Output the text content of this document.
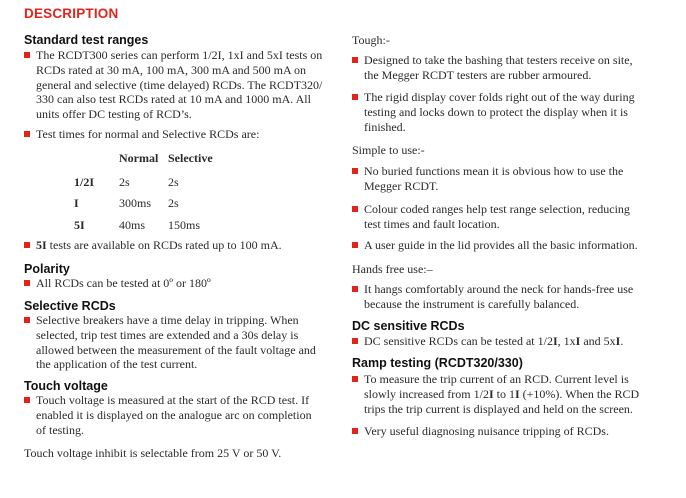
DESCRIPTION
Standard test ranges
The RCDT300 series can perform 1/2I, 1xI and 5xI tests on
RCDs rated at 30 mA, 100 mA, 300 mA and 500 mA on
general and selective (time delayed) RCDs. The RCDT320/
330 can also test RCDs rated at 10 mA and 1000 mA. All
units offer DC testing of RCD’s.
Test times for normal and Selective RCDs are:
Normal Selective
1/2I 2s	2s
I	300ms 2s
5I	40ms 150ms
5I tests are available on RCDs rated up to 100 mA.
Polarity
All RCDs can be tested at 0º or 180º
Selective RCDs
Selective breakers have a time delay in tripping. When
selected, trip test times are extended and a 30s delay is
allowed between the measurement of the fault voltage and
the application of the test current.
Touch voltage
Touch voltage is measured at the start of the RCD test. If
enabled it is displayed on the analogue arc on completion
of testing.
Touch voltage inhibit is selectable from 25 V or 50 V.
Tough:-
Designed to take the bashing that testers receive on site,
the Megger RCDT testers are rubber armoured.
The rigid display cover folds right out of the way during
testing and locks down to protect the display when it is
finished.
Simple to use:-
No buried functions mean it is obvious how to use the
Megger RCDT.
Colour coded ranges help test range selection, reducing
test times and fault location.
A user guide in the lid provides all the basic information.
Hands free use:–
It hangs comfortably around the neck for hands-free use
because the instrument is carefully balanced.
DC sensitive RCDs
DC sensitive RCDs can be tested at 1/2I, 1xI and 5xI.
Ramp testing (RCDT320/330)
To measure the trip current of an RCD. Current level is
slowly increased from 1/2I to 1I (+10%). When the RCD
trips the trip current is displayed and held on the screen.
Very useful diagnosing nuisance tripping of RCDs.
